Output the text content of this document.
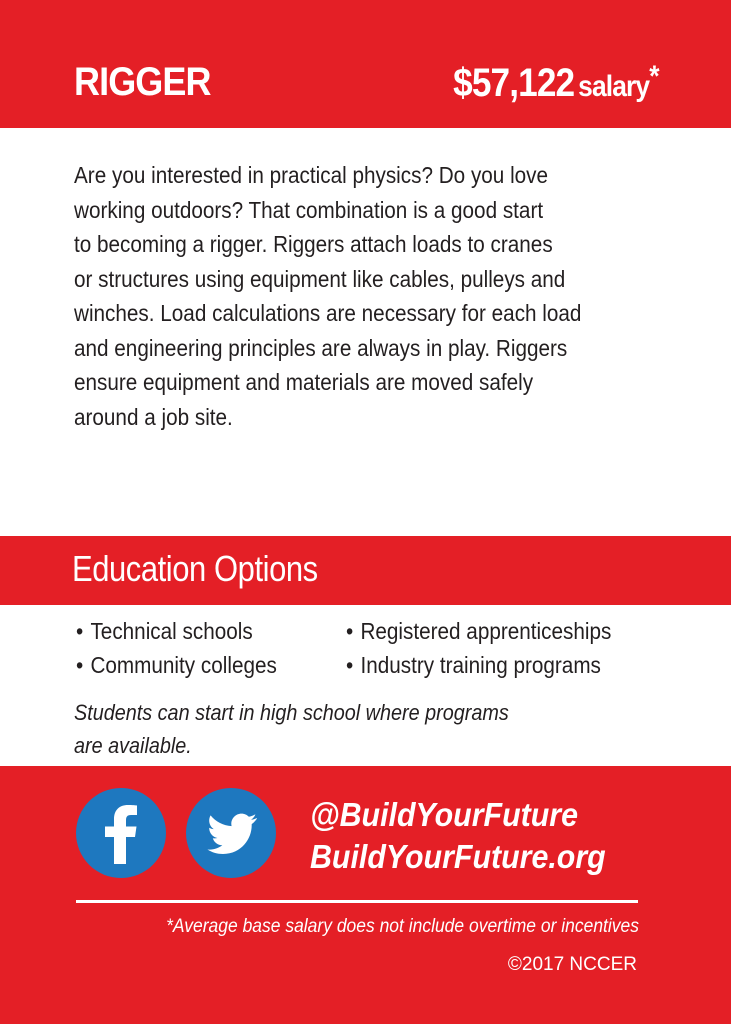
RIGGER	$57,122 salary*
Are you interested in practical physics? Do you love
working outdoors? That combination is a good start
to becoming a rigger. Riggers attach loads to cranes
or structures using equipment like cables, pulleys and
winches. Load calculations are necessary for each load
and engineering principles are always in play. Riggers
ensure equipment and materials are moved safely
around a job site.
Education Options
• Technical schools	• Registered apprenticeships
• Community colleges	• Industry training programs
Students can start in high school where programs
are available.
@BuildYourFuture
BuildYourFuture.org
*Average base salary does not include overtime or incentives
©2017 NCCER
